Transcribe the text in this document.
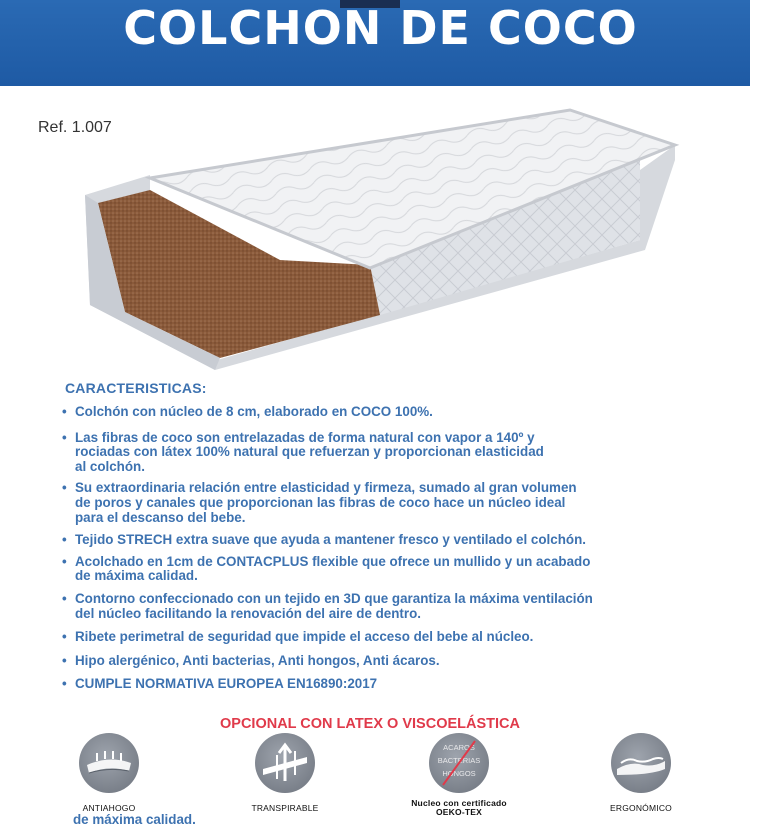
COLCHON DE COCO
Ref. 1.007
CARACTERISTICAS:
• Colchón con núcleo de 8 cm, elaborado en COCO 100%.
• Las fibras de coco son entrelazadas de forma natural con vapor a 140º y
rociadas con látex 100% natural que refuerzan y proporcionan elasticidad
al colchón.
• Su extraordinaria relación entre elasticidad y firmeza, sumado al gran volumen
de poros y canales que proporcionan las fibras de coco hace un núcleo ideal
para el descanso del bebe.
• Tejido STRECH extra suave que ayuda a mantener fresco y ventilado el colchón.
• Acolchado en 1cm de CONTACPLUS flexible que ofrece un mullido y un acabado
de máxima calidad.
• Contorno confeccionado con un tejido en 3D que garantiza la máxima ventilación
del núcleo facilitando la renovación del aire de dentro.
• Ribete perimetral de seguridad que impide el acceso del bebe al núcleo.
• Hipo alergénico, Anti bacterias, Anti hongos, Anti ácaros.
• CUMPLE NORMATIVA EUROPEA EN16890:2017
OPCIONAL CON LATEX O VISCOELÁSTICA
ANTIAHOGO	TRANSPIRABLE
ACAROS
BACTERIAS
HONGOS
Nucleo con certificado
OEKO-TEX	ERGONÓMICO
de máxima calidad.
